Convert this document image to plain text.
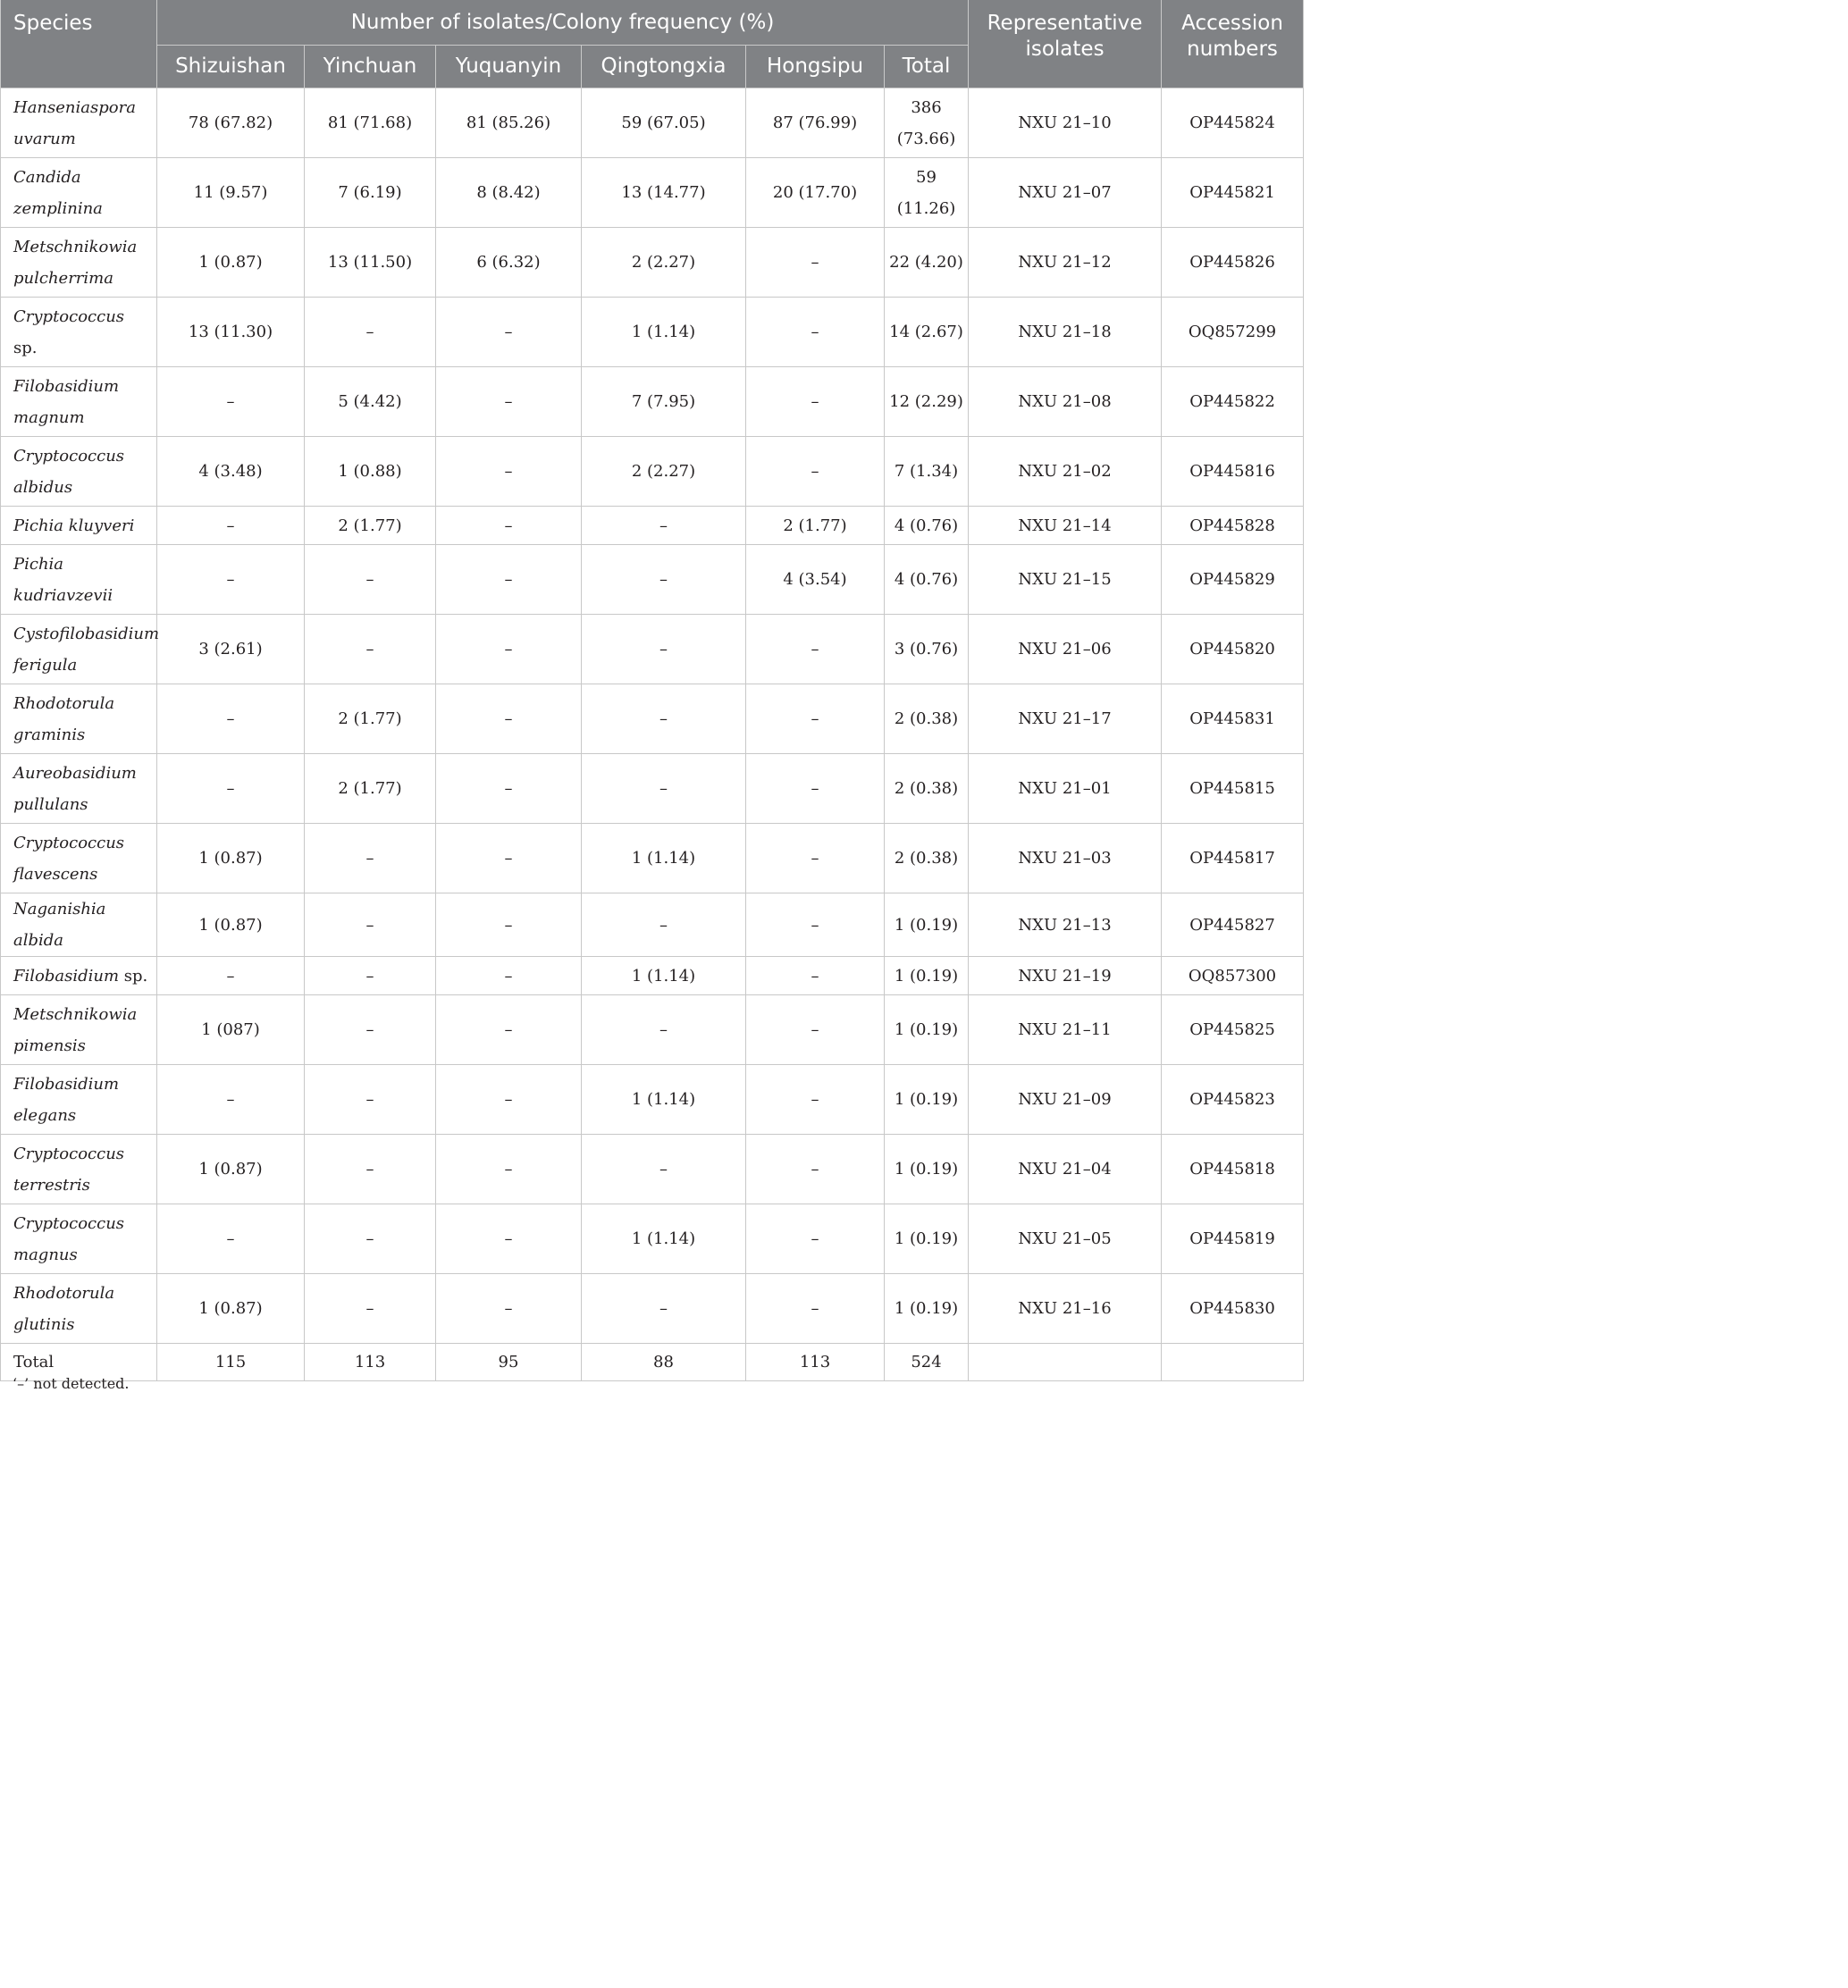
Species	Number of isolates/Colony frequency (%)						Representative isolates	Accession numbers
	Shizuishan	Yinchuan	Yuquanyin	Qingtongxia	Hongsipu	Total		
Hanseniaspora uvarum	78 (67.82)	81 (71.68)	81 (85.26)	59 (67.05)	87 (76.99)	386 (73.66)	NXU 21–10	OP445824
Candida zemplinina	11 (9.57)	7 (6.19)	8 (8.42)	13 (14.77)	20 (17.70)	59 (11.26)	NXU 21–07	OP445821
Metschnikowia pulcherrima	1 (0.87)	13 (11.50)	6 (6.32)	2 (2.27)	–	22 (4.20)	NXU 21–12	OP445826
Cryptococcus sp.	13 (11.30)	–	–	1 (1.14)	–	14 (2.67)	NXU 21–18	OQ857299
Filobasidium magnum	–	5 (4.42)	–	7 (7.95)	–	12 (2.29)	NXU 21–08	OP445822
Cryptococcus albidus	4 (3.48)	1 (0.88)	–	2 (2.27)	–	7 (1.34)	NXU 21–02	OP445816
Pichia kluyveri	–	2 (1.77)	–	–	2 (1.77)	4 (0.76)	NXU 21–14	OP445828
Pichia kudriavzevii	–	–	–	–	4 (3.54)	4 (0.76)	NXU 21–15	OP445829
Cystofilobasidium ferigula	3 (2.61)	–	–	–	–	3 (0.76)	NXU 21–06	OP445820
Rhodotorula graminis	–	2 (1.77)	–	–	–	2 (0.38)	NXU 21–17	OP445831
Aureobasidium pullulans	–	2 (1.77)	–	–	–	2 (0.38)	NXU 21–01	OP445815
Cryptococcus flavescens	1 (0.87)	–	–	1 (1.14)	–	2 (0.38)	NXU 21–03	OP445817
Naganishia albida	1 (0.87)	–	–	–	–	1 (0.19)	NXU 21–13	OP445827
Filobasidium sp.	–	–	–	1 (1.14)	–	1 (0.19)	NXU 21–19	OQ857300
Metschnikowia pimensis	1 (087)	–	–	–	–	1 (0.19)	NXU 21–11	OP445825
Filobasidium elegans	–	–	–	1 (1.14)	–	1 (0.19)	NXU 21–09	OP445823
Cryptococcus terrestris	1 (0.87)	–	–	–	–	1 (0.19)	NXU 21–04	OP445818
Cryptococcus magnus	–	–	–	1 (1.14)	–	1 (0.19)	NXU 21–05	OP445819
Rhodotorula glutinis	1 (0.87)	–	–	–	–	1 (0.19)	NXU 21–16	OP445830
Total	115	113	95	88	113	524		
‘–’ not detected.
